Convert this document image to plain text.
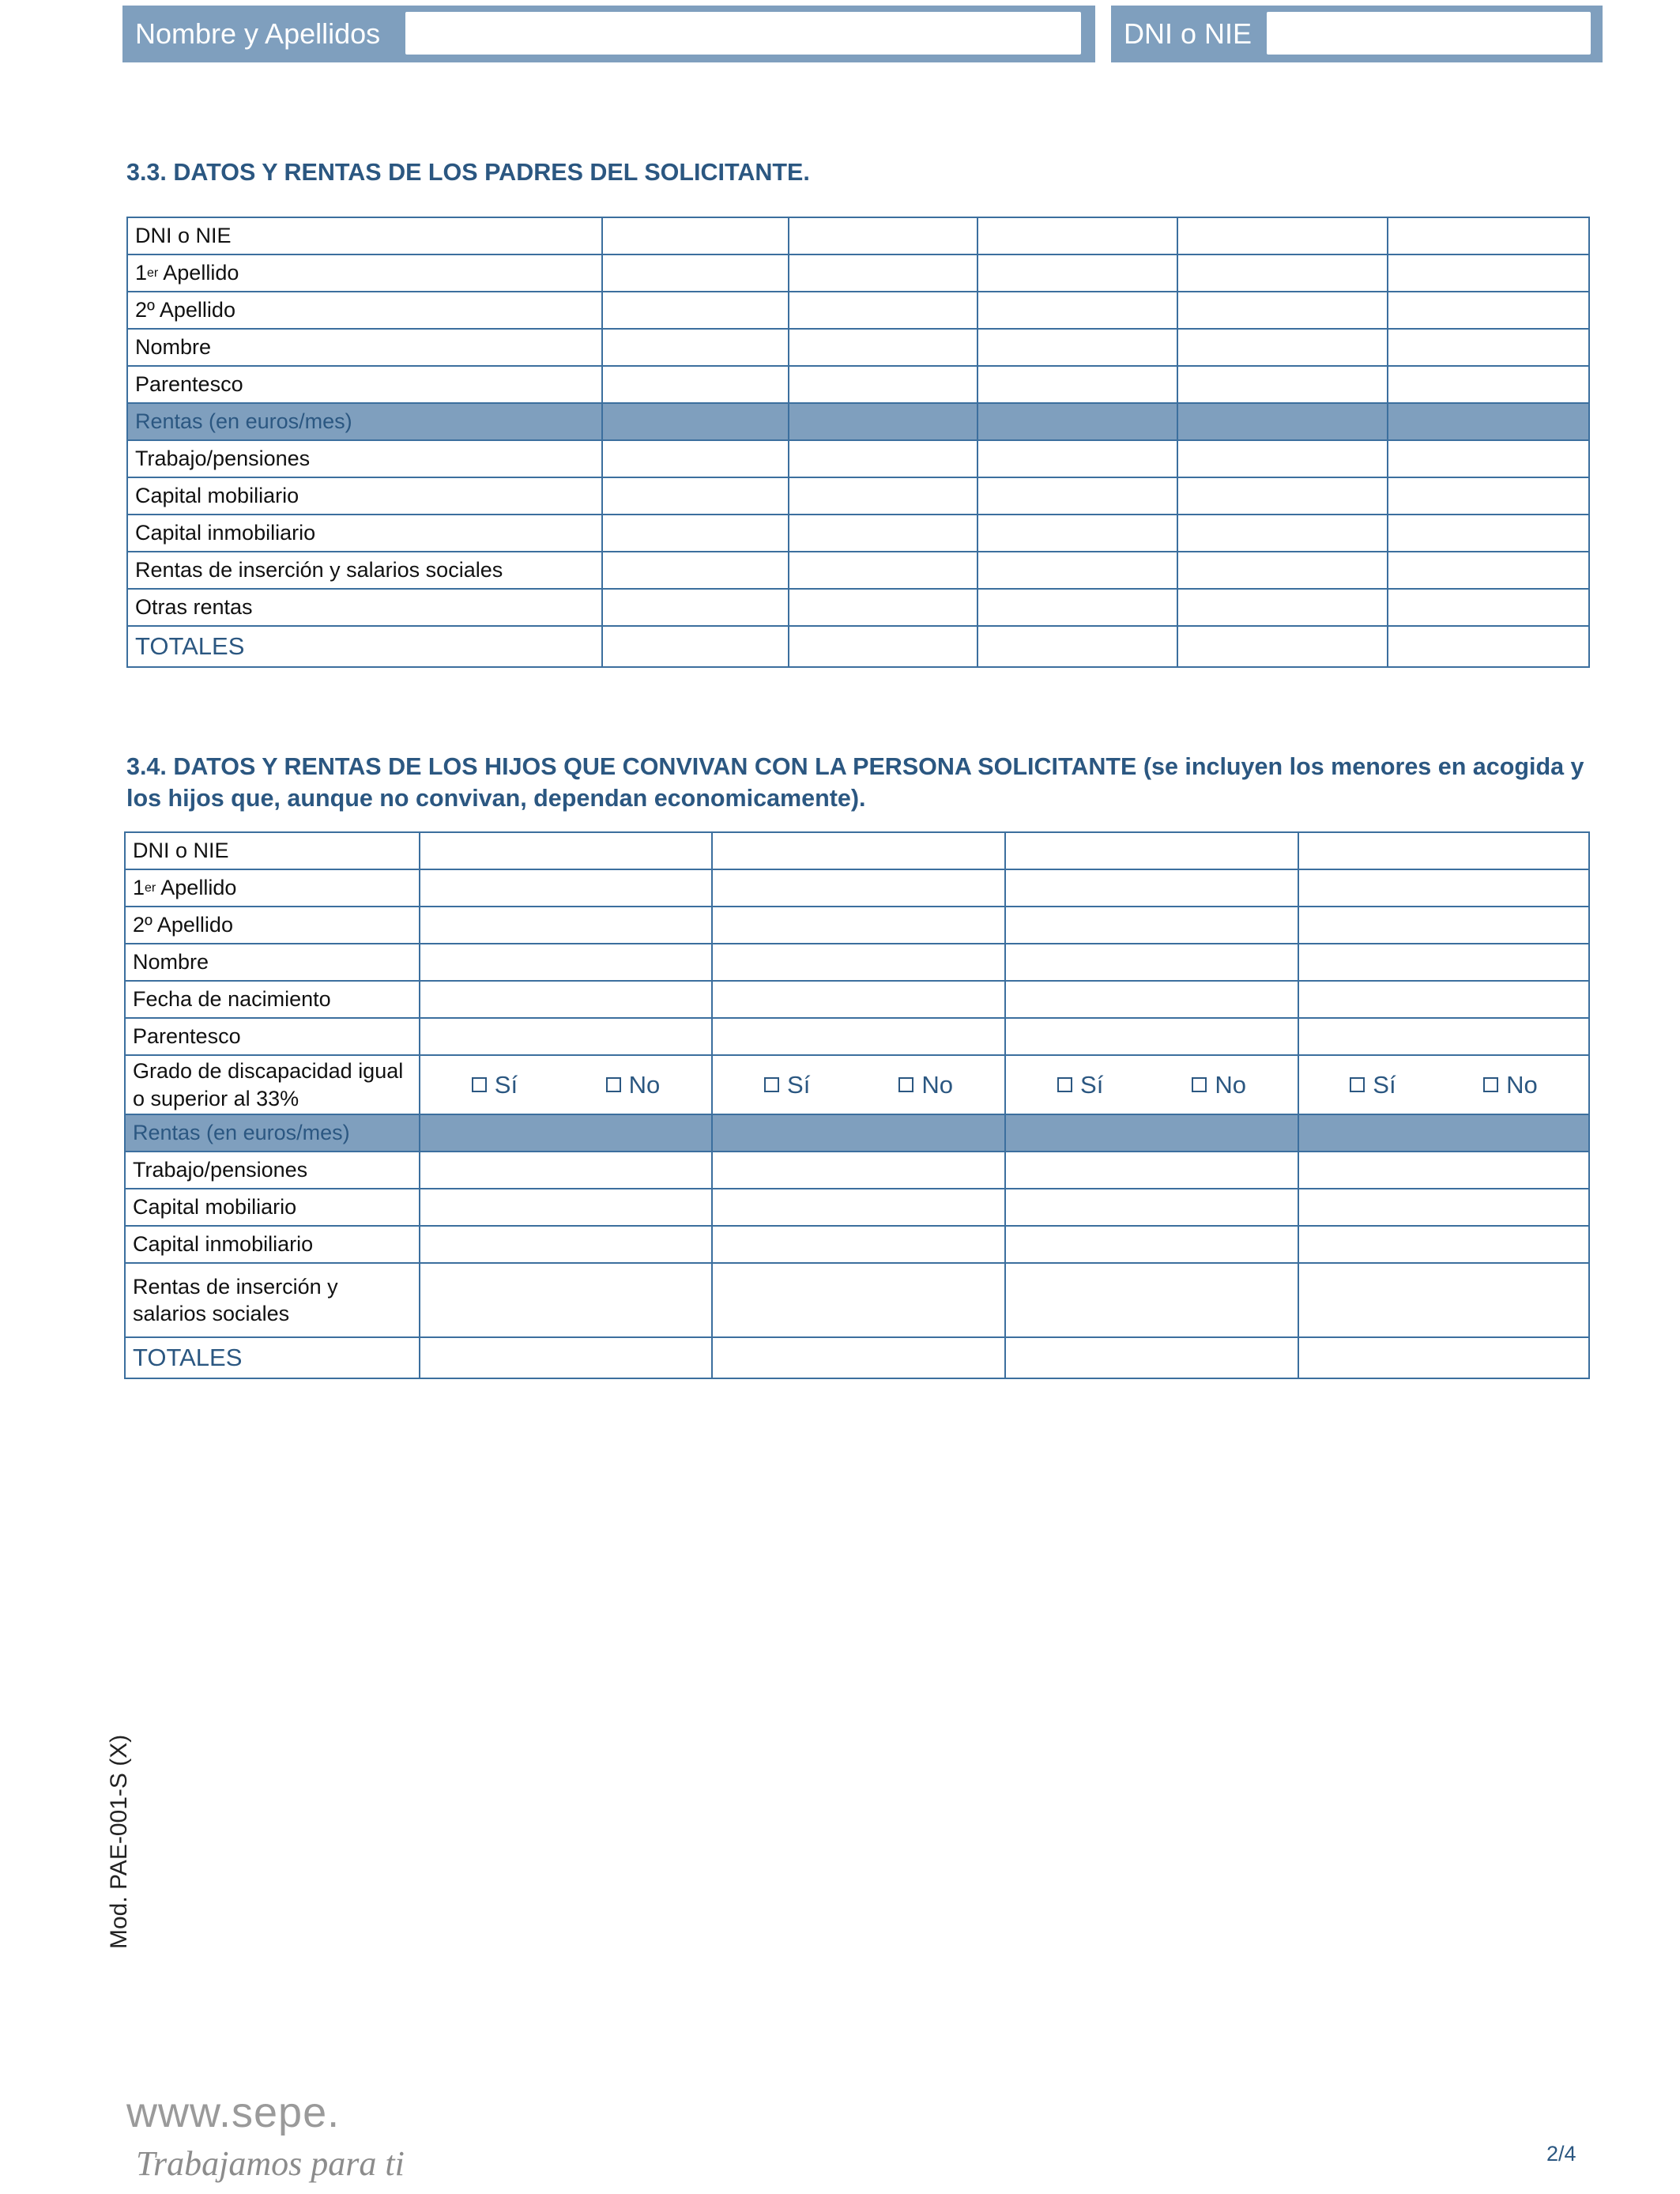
Nombre y Apellidos	DNI o NIE
3.3. DATOS Y RENTAS DE LOS PADRES DEL SOLICITANTE.
DNI o NIE					
1er Apellido					
2º Apellido					
Nombre					
Parentesco					
Rentas (en euros/mes)					
Trabajo/pensiones					
Capital mobiliario					
Capital inmobiliario					
Rentas de inserción y salarios sociales					
Otras rentas					
TOTALES					

3.4. DATOS Y RENTAS DE LOS HIJOS QUE CONVIVAN CON LA PERSONA SOLICITANTE (se incluyen los menores en acogida y los hijos que, aunque no convivan, dependan economicamente).

DNI o NIE				
1er Apellido				
2º Apellido				
Nombre				
Fecha de nacimiento				
Parentesco				
Grado de discapacidad igual o superior al 33%	Sí No	Sí No	Sí No	Sí No

Rentas (en euros/mes)				
Trabajo/pensiones				
Capital mobiliario				
Capital inmobiliario				
Rentas de inserción y salarios sociales				
TOTALES				
Mod. PAE-001-S (X)
www.sepe.
Trabajamos para ti	2/4
